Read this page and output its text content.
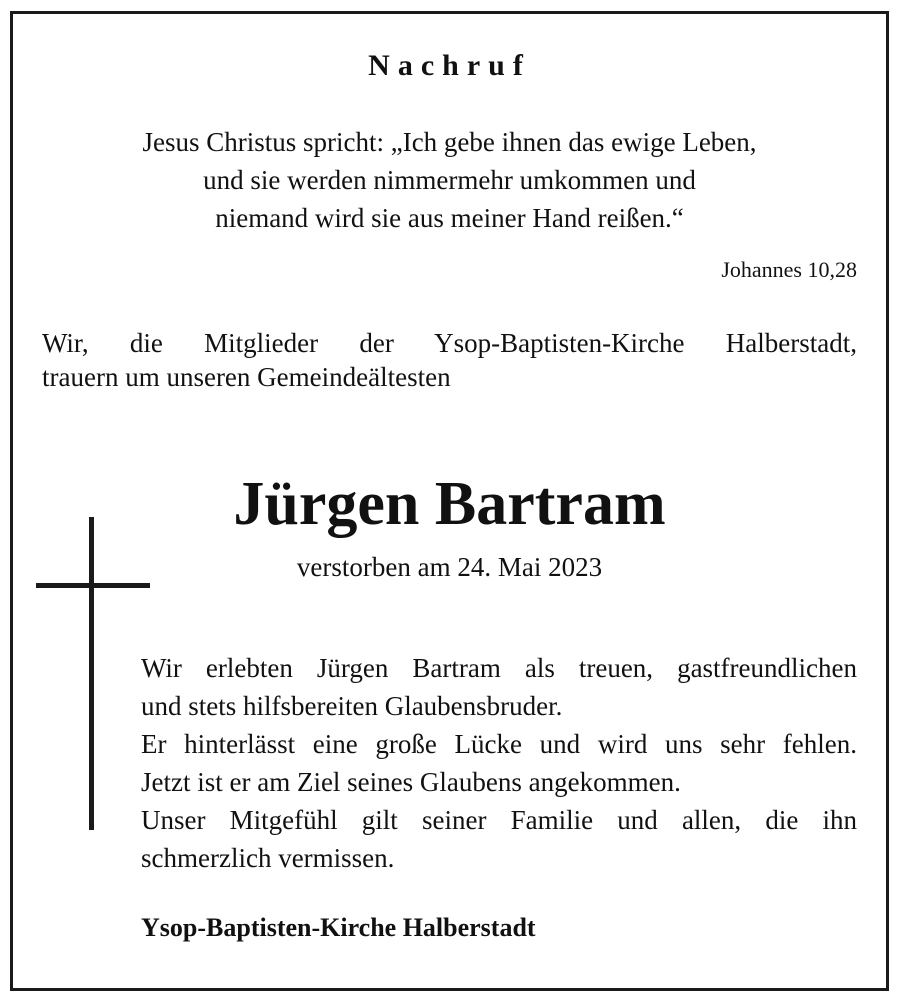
Nachruf
Jesus Christus spricht: „Ich gebe ihnen das ewige Leben,
und sie werden nimmermehr umkommen und
niemand wird sie aus meiner Hand reißen.“
Johannes 10,28
Wir, die Mitglieder der Ysop-Baptisten-Kirche Halberstadt,
trauern um unseren Gemeindeältesten
Jürgen Bartram
verstorben am 24. Mai 2023
Wir erlebten Jürgen Bartram als treuen, gastfreundlichen
und stets hilfsbereiten Glaubensbruder.
Er hinterlässt eine große Lücke und wird uns sehr fehlen.
Jetzt ist er am Ziel seines Glaubens angekommen.
Unser Mitgefühl gilt seiner Familie und allen, die ihn
schmerzlich vermissen.
Ysop-Baptisten-Kirche Halberstadt
